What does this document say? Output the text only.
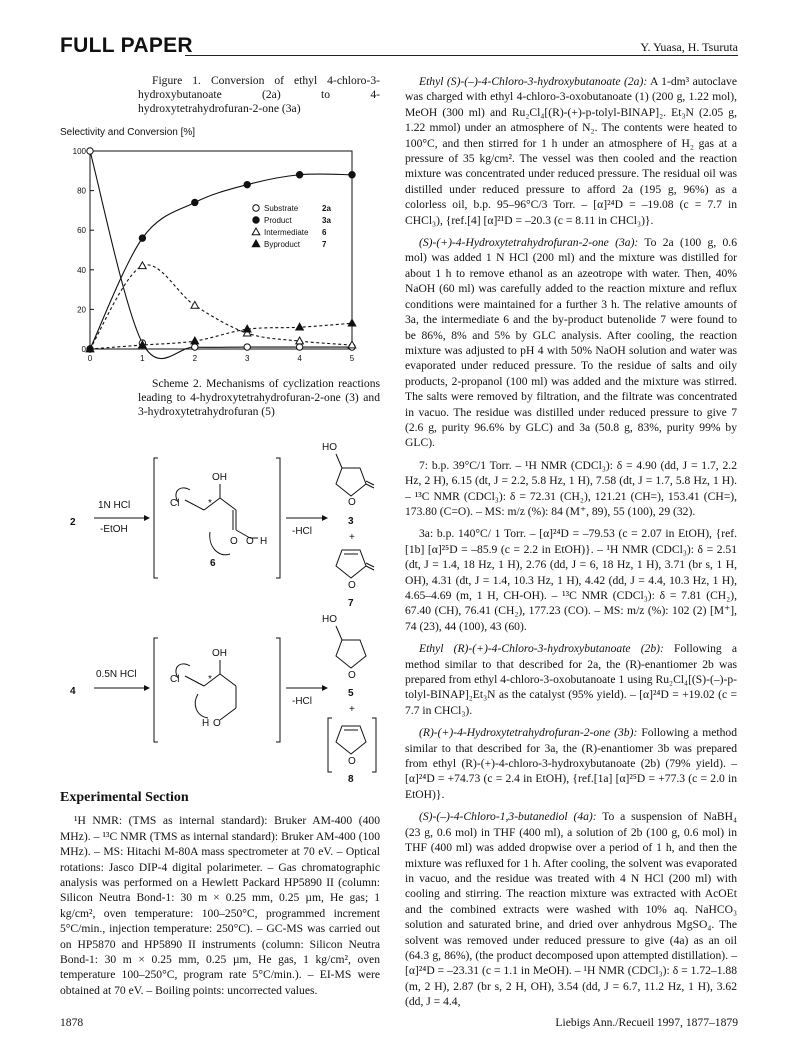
FULL PAPER	Y. Yuasa, H. Tsuruta

Figure 1. Conversion of ethyl 4-chloro-3-hydroxybutanoate (2a) to 4-hydroxytetrahydrofuran-2-one (3a)

Selectivity and Conversion [%]
0
20
40
60
80
100
0	1	2	3	4	5
Substrate	2a
Product	3a
Intermediate 6
Byproduct	7

Scheme 2. Mechanisms of cyclization reactions leading to 4-hydroxytetrahydrofuran-2-one (3) and 3-hydroxytetrahydrofuran (5)

2
1N HCl
-EtOH
OH
Cl	*
O O H
6
-HCl
HO
O
3
+
O
7
4
0.5N HCl
OH
Cl	*
H O
-HCl
HO
O
5
+
O
8
Experimental Section

¹H NMR: (TMS as internal standard): Bruker AM-400 (400 MHz). – ¹³C NMR (TMS as internal standard): Bruker AM-400 (100 MHz). – MS: Hitachi M-80A mass spectrometer at 70 eV. – Optical rotations: Jasco DIP-4 digital polarimeter. – Gas chromatographic analysis was performed on a Hewlett Packard HP5890 II (column: Silicon Neutra Bond-1: 30 m × 0.25 mm, 0.25 µm, He gas; 1 kg/cm², oven temperature: 100–250°C, programmed increment 5°C/min., injection temperature: 250°C). – GC-MS was carried out on HP5870 and HP5890 II instruments (column: Silicon Neutra Bond-1: 30 m × 0.25 mm, 0.25 µm, He gas, 1 kg/cm², oven temperature 100–250°C, program rate 5°C/min.). – EI-MS were obtained at 70 eV. – Boiling points: uncorrected values.

Ethyl (S)-(–)-4-Chloro-3-hydroxybutanoate (2a): A 1-dm³ autoclave was charged with ethyl 4-chloro-3-oxobutanoate (1) (200 g, 1.22 mol), MeOH (300 ml) and Ru₂Cl₄[(R)-(+)-p-tolyl-BINAP]₂. Et₃N (2.05 g, 1.22 mmol) under an atmosphere of N₂. The contents were heated to 100°C, and then stirred for 1 h under an atmosphere of H₂ gas at a pressure of 35 kg/cm². The vessel was then cooled and the reaction mixture was concentrated under reduced pressure. The residual oil was distilled under reduced pressure to afford 2a (195 g, 96%) as a colorless oil, b.p. 95–96°C/3 Torr. – [α]²⁴D = –19.08 (c = 7.7 in CHCl₃), {ref.[4] [α]²¹D = –20.3 (c = 8.11 in CHCl₃)}.

(S)-(+)-4-Hydroxytetrahydrofuran-2-one (3a): To 2a (100 g, 0.6 mol) was added 1 N HCl (200 ml) and the mixture was distilled for about 1 h to remove ethanol as an azeotrope with water. Then, 40% NaOH (60 ml) was carefully added to the reaction mixture and reflux conditions were maintained for a further 3 h. The relative amounts of 3a, the intermediate 6 and the by-product butenolide 7 were found to be 86%, 8% and 5% by GLC analysis. After cooling, the reaction mixture was adjusted to pH 4 with 50% NaOH solution and water was evaporated under reduced pressure. To the residue of salts and oily products, 2-propanol (100 ml) was added and the mixture was stirred. The salts were removed by filtration, and the filtrate was concentrated in vacuo. The residue was distilled under reduced pressure to give 7 (2.6 g, purity 96.6% by GLC) and 3a (50.8 g, 83%, purity 99% by GLC).

7: b.p. 39°C/1 Torr. – ¹H NMR (CDCl₃): δ = 4.90 (dd, J = 1.7, 2.2 Hz, 2 H), 6.15 (dt, J = 2.2, 5.8 Hz, 1 H), 7.58 (dt, J = 1.7, 5.8 Hz, 1 H). – ¹³C NMR (CDCl₃): δ = 72.31 (CH₂), 121.21 (CH=), 153.41 (CH=), 173.80 (C=O). – MS: m/z (%): 84 (M⁺, 89), 55 (100), 29 (32).

3a: b.p. 140°C/ 1 Torr. – [α]²⁴D = –79.53 (c = 2.07 in EtOH), {ref.[1b] [α]²⁵D = –85.9 (c = 2.2 in EtOH)}. – ¹H NMR (CDCl₃): δ = 2.51 (dt, J = 1.4, 18 Hz, 1 H), 2.76 (dd, J = 6, 18 Hz, 1 H), 3.71 (br s, 1 H, OH), 4.31 (dt, J = 1.4, 10.3 Hz, 1 H), 4.42 (dd, J = 4.4, 10.3 Hz, 1 H), 4.65–4.69 (m, 1 H, CH-OH). – ¹³C NMR (CDCl₃): δ = 7.81 (CH₂), 67.40 (CH), 76.41 (CH₂), 177.23 (CO). – MS: m/z (%): 102 (2) [M⁺], 74 (23), 44 (100), 43 (60).

Ethyl (R)-(+)-4-Chloro-3-hydroxybutanoate (2b): Following a method similar to that described for 2a, the (R)-enantiomer 2b was prepared from ethyl 4-chloro-3-oxobutanoate 1 using Ru₂Cl₄[(S)-(–)-p-tolyl-BINAP]₂Et₃N as the catalyst (95% yield). – [α]²⁴D = +19.02 (c = 7.7 in CHCl₃).

(R)-(+)-4-Hydroxytetrahydrofuran-2-one (3b): Following a method similar to that described for 3a, the (R)-enantiomer 3b was prepared from ethyl (R)-(+)-4-chloro-3-hydroxybutanoate (2b) (79% yield). – [α]²⁴D = +74.73 (c = 2.4 in EtOH), {ref.[1a] [α]²⁵D = +77.3 (c = 2.0 in EtOH)}.

(S)-(–)-4-Chloro-1,3-butanediol (4a): To a suspension of NaBH₄ (23 g, 0.6 mol) in THF (400 ml), a solution of 2b (100 g, 0.6 mol) in THF (400 ml) was added dropwise over a period of 1 h, and then the mixture was refluxed for 1 h. After cooling, the solvent was evaporated in vacuo, and the residue was treated with 4 N HCl (200 ml) with cooling and stirring. The reaction mixture was extracted with AcOEt and the combined extracts were washed with 10% aq. NaHCO₃ solution and saturated brine, and dried over anhydrous MgSO₄. The solvent was removed under reduced pressure to give (4a) as an oil (64.3 g, 86%), (the product decomposed upon attempted distillation). – [α]²⁴D = –23.31 (c = 1.1 in MeOH). – ¹H NMR (CDCl₃): δ = 1.72–1.88 (m, 2 H), 2.87 (br s, 2 H, OH), 3.54 (dd, J = 6.7, 11.2 Hz, 1 H), 3.62 (dd, J = 4.4,

1878	Liebigs Ann./Recueil 1997, 1877–1879
